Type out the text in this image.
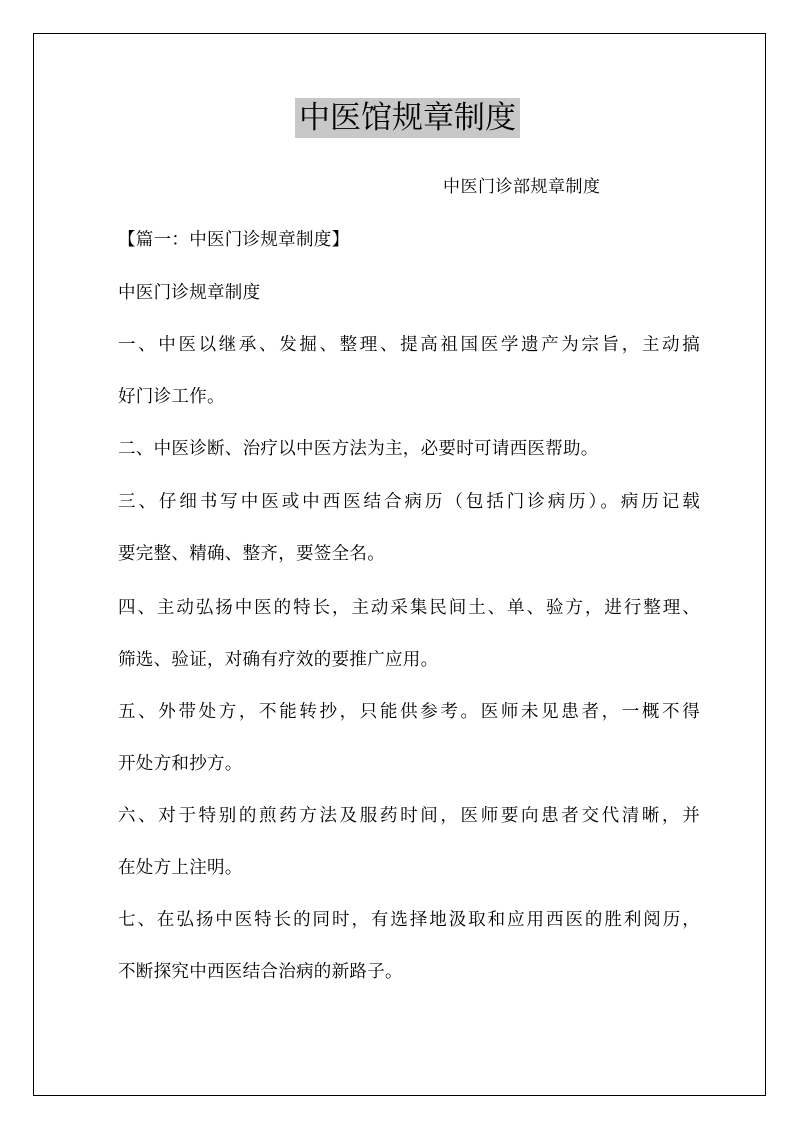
中医馆规章制度
中医门诊部规章制度
【篇一：中医门诊规章制度】
中医门诊规章制度
一、中医以继承、发掘、整理、提高祖国医学遗产为宗旨，主动搞
好门诊工作。
二、中医诊断、治疗以中医方法为主，必要时可请西医帮助。
三、仔细书写中医或中西医结合病历（包括门诊病历）。病历记载
要完整、精确、整齐，要签全名。
四、主动弘扬中医的特长，主动采集民间土、单、验方，进行整理、
筛选、验证，对确有疗效的要推广应用。
五、外带处方，不能转抄，只能供参考。医师未见患者，一概不得
开处方和抄方。
六、对于特别的煎药方法及服药时间，医师要向患者交代清晰，并
在处方上注明。
七、在弘扬中医特长的同时，有选择地汲取和应用西医的胜利阅历，
不断探究中西医结合治病的新路子。
